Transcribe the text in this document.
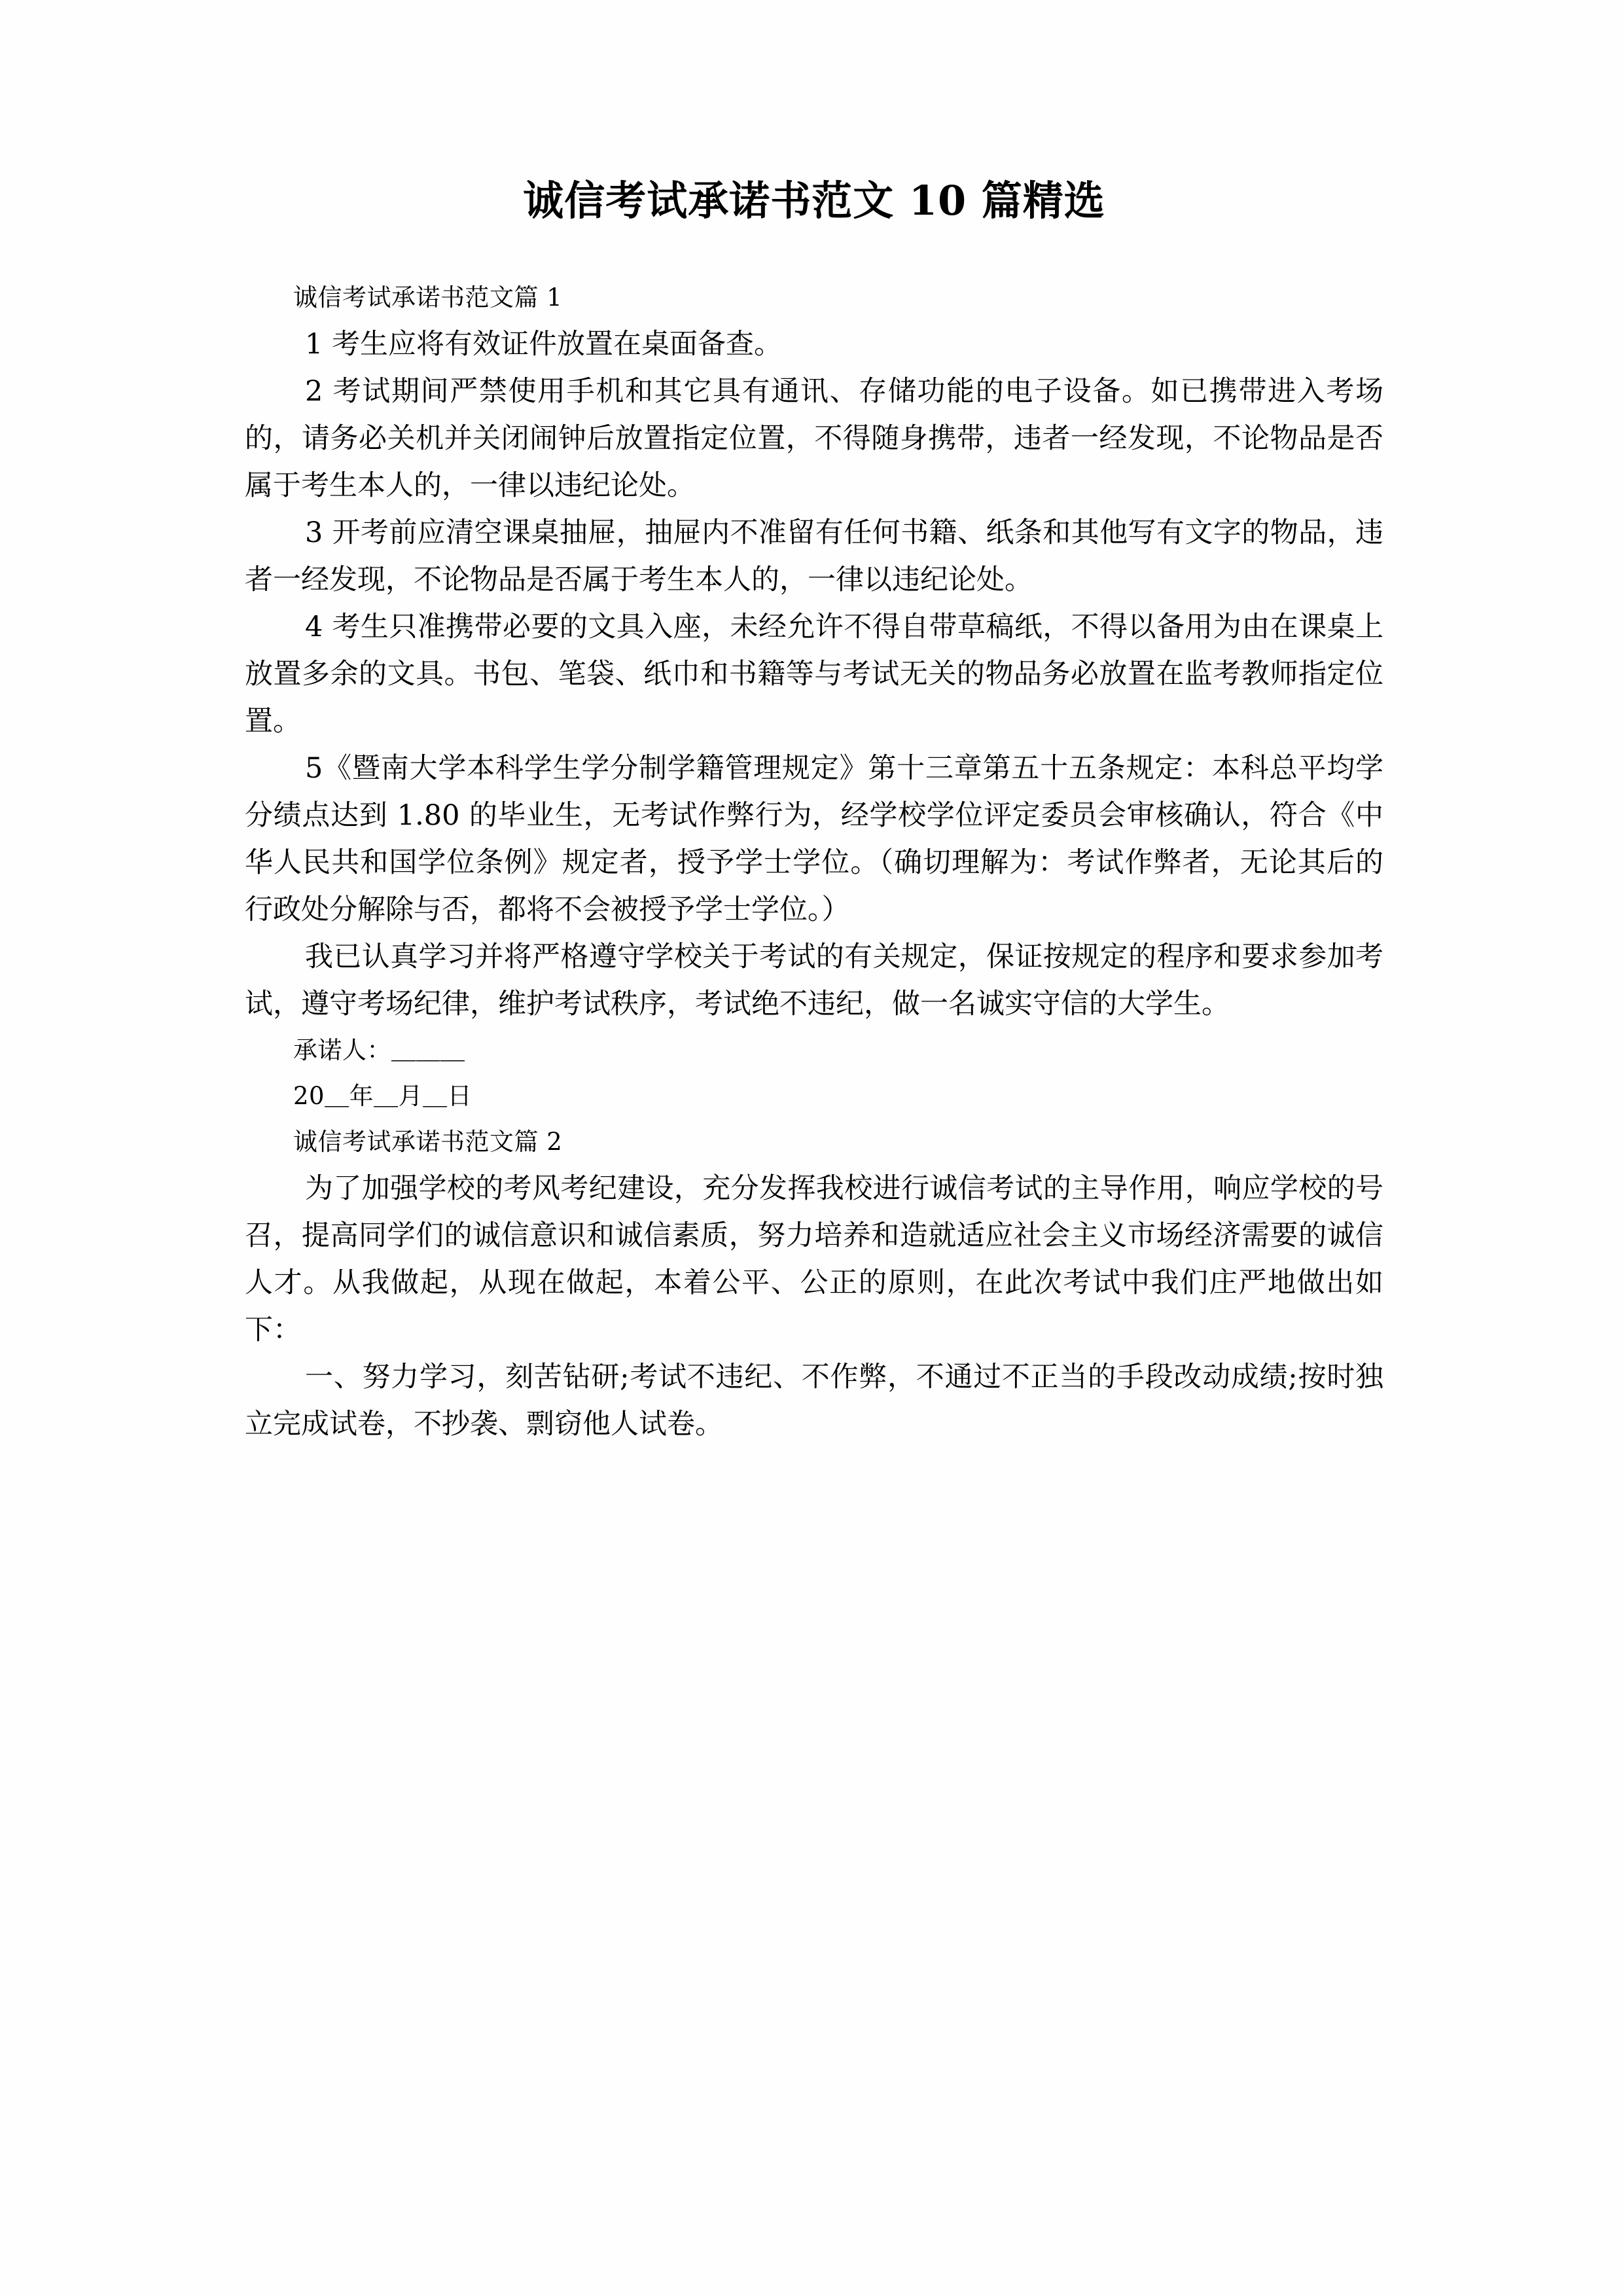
诚信考试承诺书范文 10 篇精选

诚信考试承诺书范文篇 1

1 考生应将有效证件放置在桌面备查。

2 考试期间严禁使用手机和其它具有通讯、存储功能的电子设备。如已携带进入考场的，请务必关机并关闭闹钟后放置指定位置，不得随身携带，违者一经发现，不论物品是否属于考生本人的，一律以违纪论处。

3 开考前应清空课桌抽屉，抽屉内不准留有任何书籍、纸条和其他写有文字的物品，违者一经发现，不论物品是否属于考生本人的，一律以违纪论处。

4 考生只准携带必要的文具入座，未经允许不得自带草稿纸，不得以备用为由在课桌上放置多余的文具。书包、笔袋、纸巾和书籍等与考试无关的物品务必放置在监考教师指定位置。

5《暨南大学本科学生学分制学籍管理规定》第十三章第五十五条规定：本科总平均学分绩点达到 1.80 的毕业生，无考试作弊行为，经学校学位评定委员会审核确认，符合《中华人民共和国学位条例》规定者，授予学士学位。（确切理解为：考试作弊者，无论其后的行政处分解除与否，都将不会被授予学士学位。）

我已认真学习并将严格遵守学校关于考试的有关规定，保证按规定的程序和要求参加考试，遵守考场纪律，维护考试秩序，考试绝不违纪，做一名诚实守信的大学生。

承诺人：＿＿＿

20＿年＿月＿日

诚信考试承诺书范文篇 2

为了加强学校的考风考纪建设，充分发挥我校进行诚信考试的主导作用，响应学校的号召，提高同学们的诚信意识和诚信素质，努力培养和造就适应社会主义市场经济需要的诚信人才。从我做起，从现在做起，本着公平、公正的原则，在此次考试中我们庄严地做出如下：

一、努力学习，刻苦钻研;考试不违纪、不作弊，不通过不正当的手段改动成绩;按时独立完成试卷，不抄袭、剽窃他人试卷。
